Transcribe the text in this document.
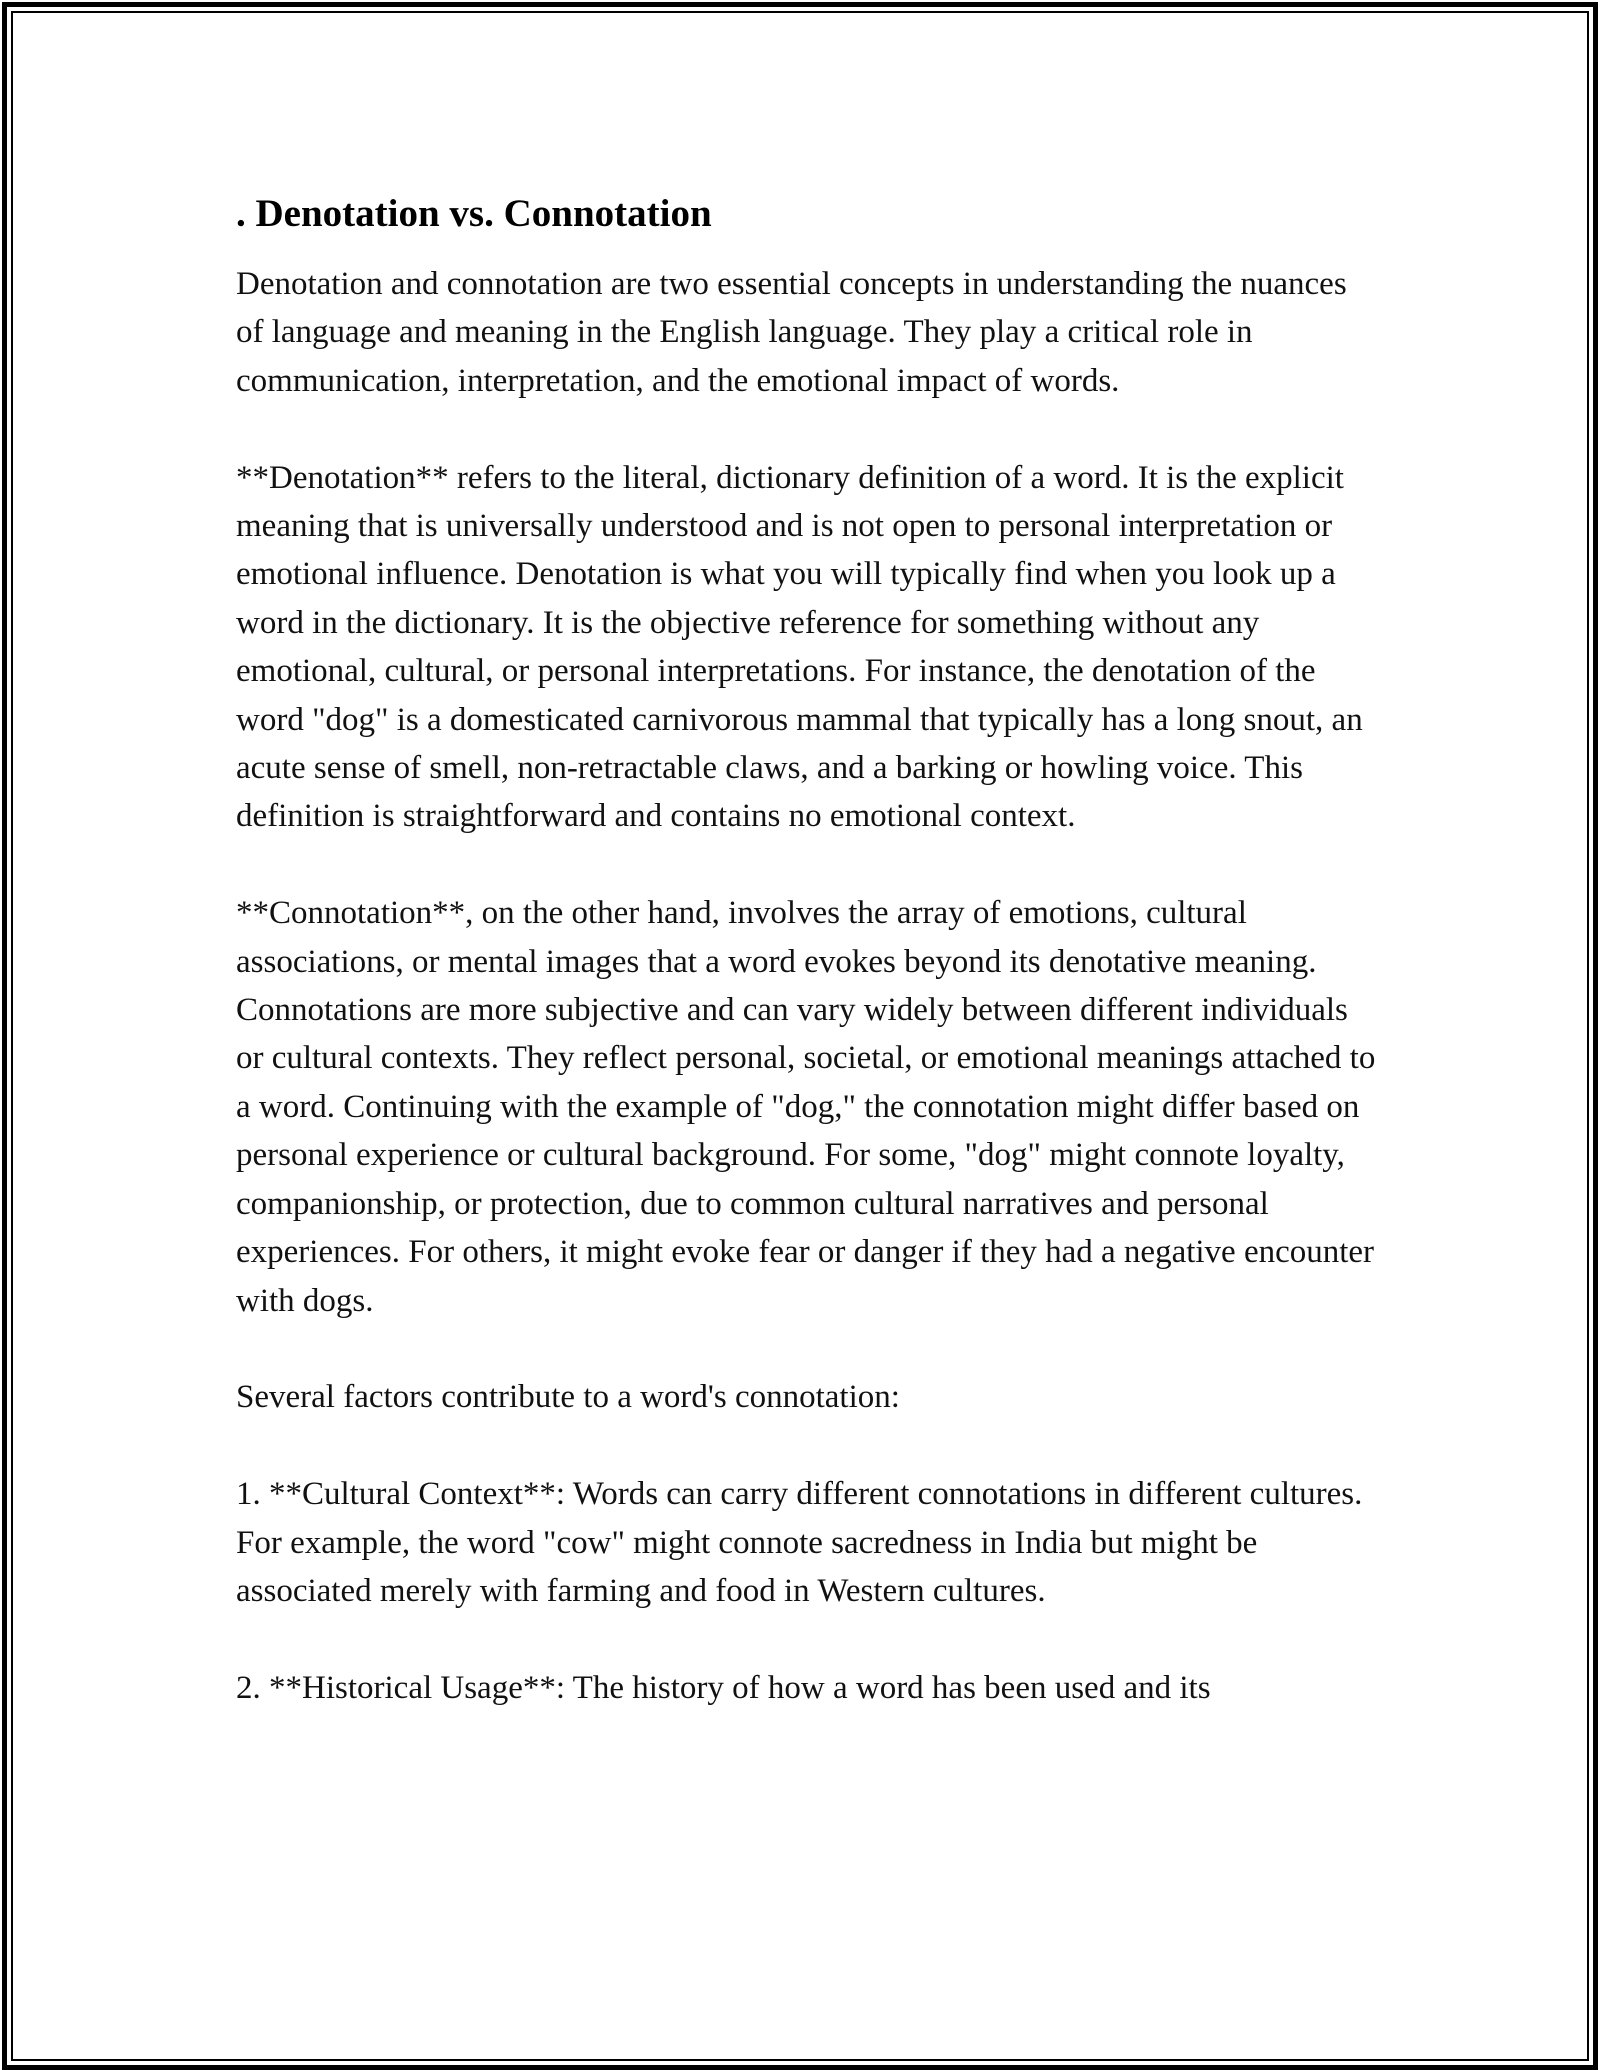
. Denotation vs. Connotation

Denotation and connotation are two essential concepts in understanding the nuances of language and meaning in the English language. They play a critical role in communication, interpretation, and the emotional impact of words.

**Denotation** refers to the literal, dictionary definition of a word. It is the explicit meaning that is universally understood and is not open to personal interpretation or emotional influence. Denotation is what you will typically find when you look up a word in the dictionary. It is the objective reference for something without any emotional, cultural, or personal interpretations. For instance, the denotation of the word "dog" is a domesticated carnivorous mammal that typically has a long snout, an acute sense of smell, non-retractable claws, and a barking or howling voice. This definition is straightforward and contains no emotional context.

**Connotation**, on the other hand, involves the array of emotions, cultural associations, or mental images that a word evokes beyond its denotative meaning. Connotations are more subjective and can vary widely between different individuals or cultural contexts. They reflect personal, societal, or emotional meanings attached to a word. Continuing with the example of "dog," the connotation might differ based on personal experience or cultural background. For some, "dog" might connote loyalty, companionship, or protection, due to common cultural narratives and personal experiences. For others, it might evoke fear or danger if they had a negative encounter with dogs.

Several factors contribute to a word's connotation:

1. **Cultural Context**: Words can carry different connotations in different cultures. For example, the word "cow" might connote sacredness in India but might be associated merely with farming and food in Western cultures.

2. **Historical Usage**: The history of how a word has been used and its
